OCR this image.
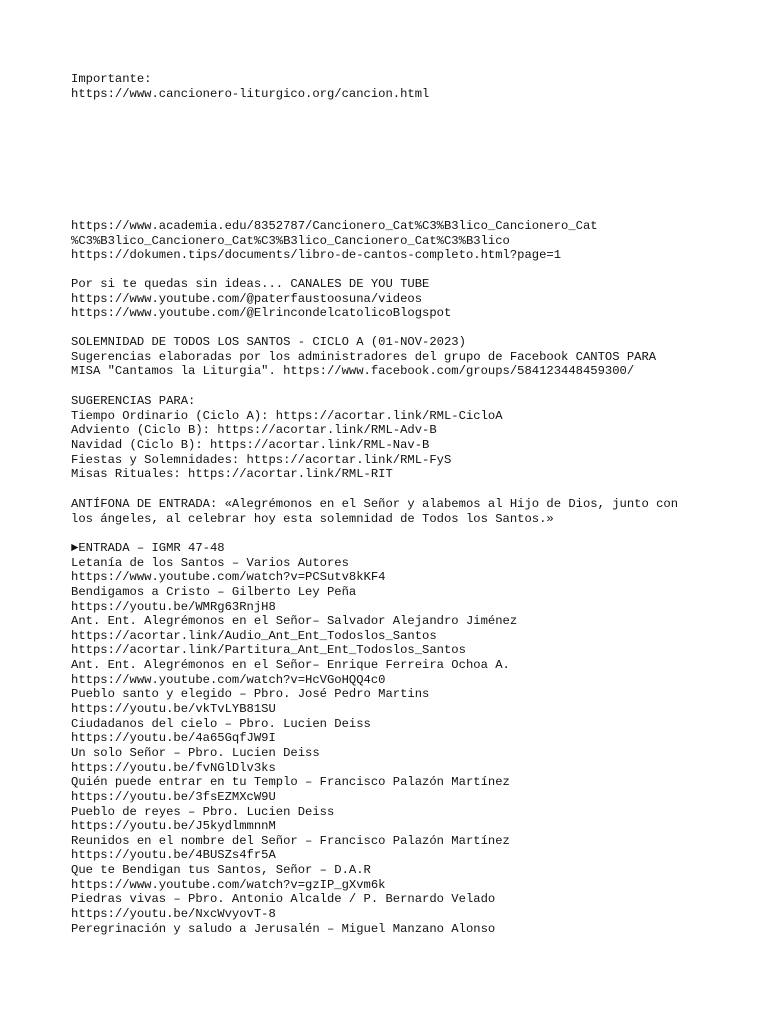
Importante:
https://www.cancionero-liturgico.org/cancion.html
https://www.academia.edu/8352787/Cancionero_Cat%C3%B3lico_Cancionero_Cat
%C3%B3lico_Cancionero_Cat%C3%B3lico_Cancionero_Cat%C3%B3lico
https://dokumen.tips/documents/libro-de-cantos-completo.html?page=1
Por si te quedas sin ideas... CANALES DE YOU TUBE
https://www.youtube.com/@paterfaustoosuna/videos
https://www.youtube.com/@ElrincondelcatolicoBlogspot
SOLEMNIDAD DE TODOS LOS SANTOS - CICLO A (01-NOV-2023)
Sugerencias elaboradas por los administradores del grupo de Facebook CANTOS PARA
MISA "Cantamos la Liturgia". https://www.facebook.com/groups/584123448459300/
SUGERENCIAS PARA:
Tiempo Ordinario (Ciclo A): https://acortar.link/RML-CicloA
Adviento (Ciclo B): https://acortar.link/RML-Adv-B
Navidad (Ciclo B): https://acortar.link/RML-Nav-B
Fiestas y Solemnidades: https://acortar.link/RML-FyS
Misas Rituales: https://acortar.link/RML-RIT
ANTÍFONA DE ENTRADA: «Alegrémonos en el Señor y alabemos al Hijo de Dios, junto con
los ángeles, al celebrar hoy esta solemnidad de Todos los Santos.»
►ENTRADA – IGMR 47-48
Letanía de los Santos – Varios Autores
https://www.youtube.com/watch?v=PCSutv8kKF4
Bendigamos a Cristo – Gilberto Ley Peña
https://youtu.be/WMRg63RnjH8
Ant. Ent. Alegrémonos en el Señor– Salvador Alejandro Jiménez
https://acortar.link/Audio_Ant_Ent_Todoslos_Santos
https://acortar.link/Partitura_Ant_Ent_Todoslos_Santos
Ant. Ent. Alegrémonos en el Señor– Enrique Ferreira Ochoa A.
https://www.youtube.com/watch?v=HcVGoHQQ4c0
Pueblo santo y elegido – Pbro. José Pedro Martins
https://youtu.be/vkTvLYB81SU
Ciudadanos del cielo – Pbro. Lucien Deiss
https://youtu.be/4a65GqfJW9I
Un solo Señor – Pbro. Lucien Deiss
https://youtu.be/fvNGlDlv3ks
Quién puede entrar en tu Templo – Francisco Palazón Martínez
https://youtu.be/3fsEZMXcW9U
Pueblo de reyes – Pbro. Lucien Deiss
https://youtu.be/J5kydlmmnnM
Reunidos en el nombre del Señor – Francisco Palazón Martínez
https://youtu.be/4BUSZs4fr5A
Que te Bendigan tus Santos, Señor – D.A.R
https://www.youtube.com/watch?v=gzIP_gXvm6k
Piedras vivas – Pbro. Antonio Alcalde / P. Bernardo Velado
https://youtu.be/NxcWvyovT-8
Peregrinación y saludo a Jerusalén – Miguel Manzano Alonso
